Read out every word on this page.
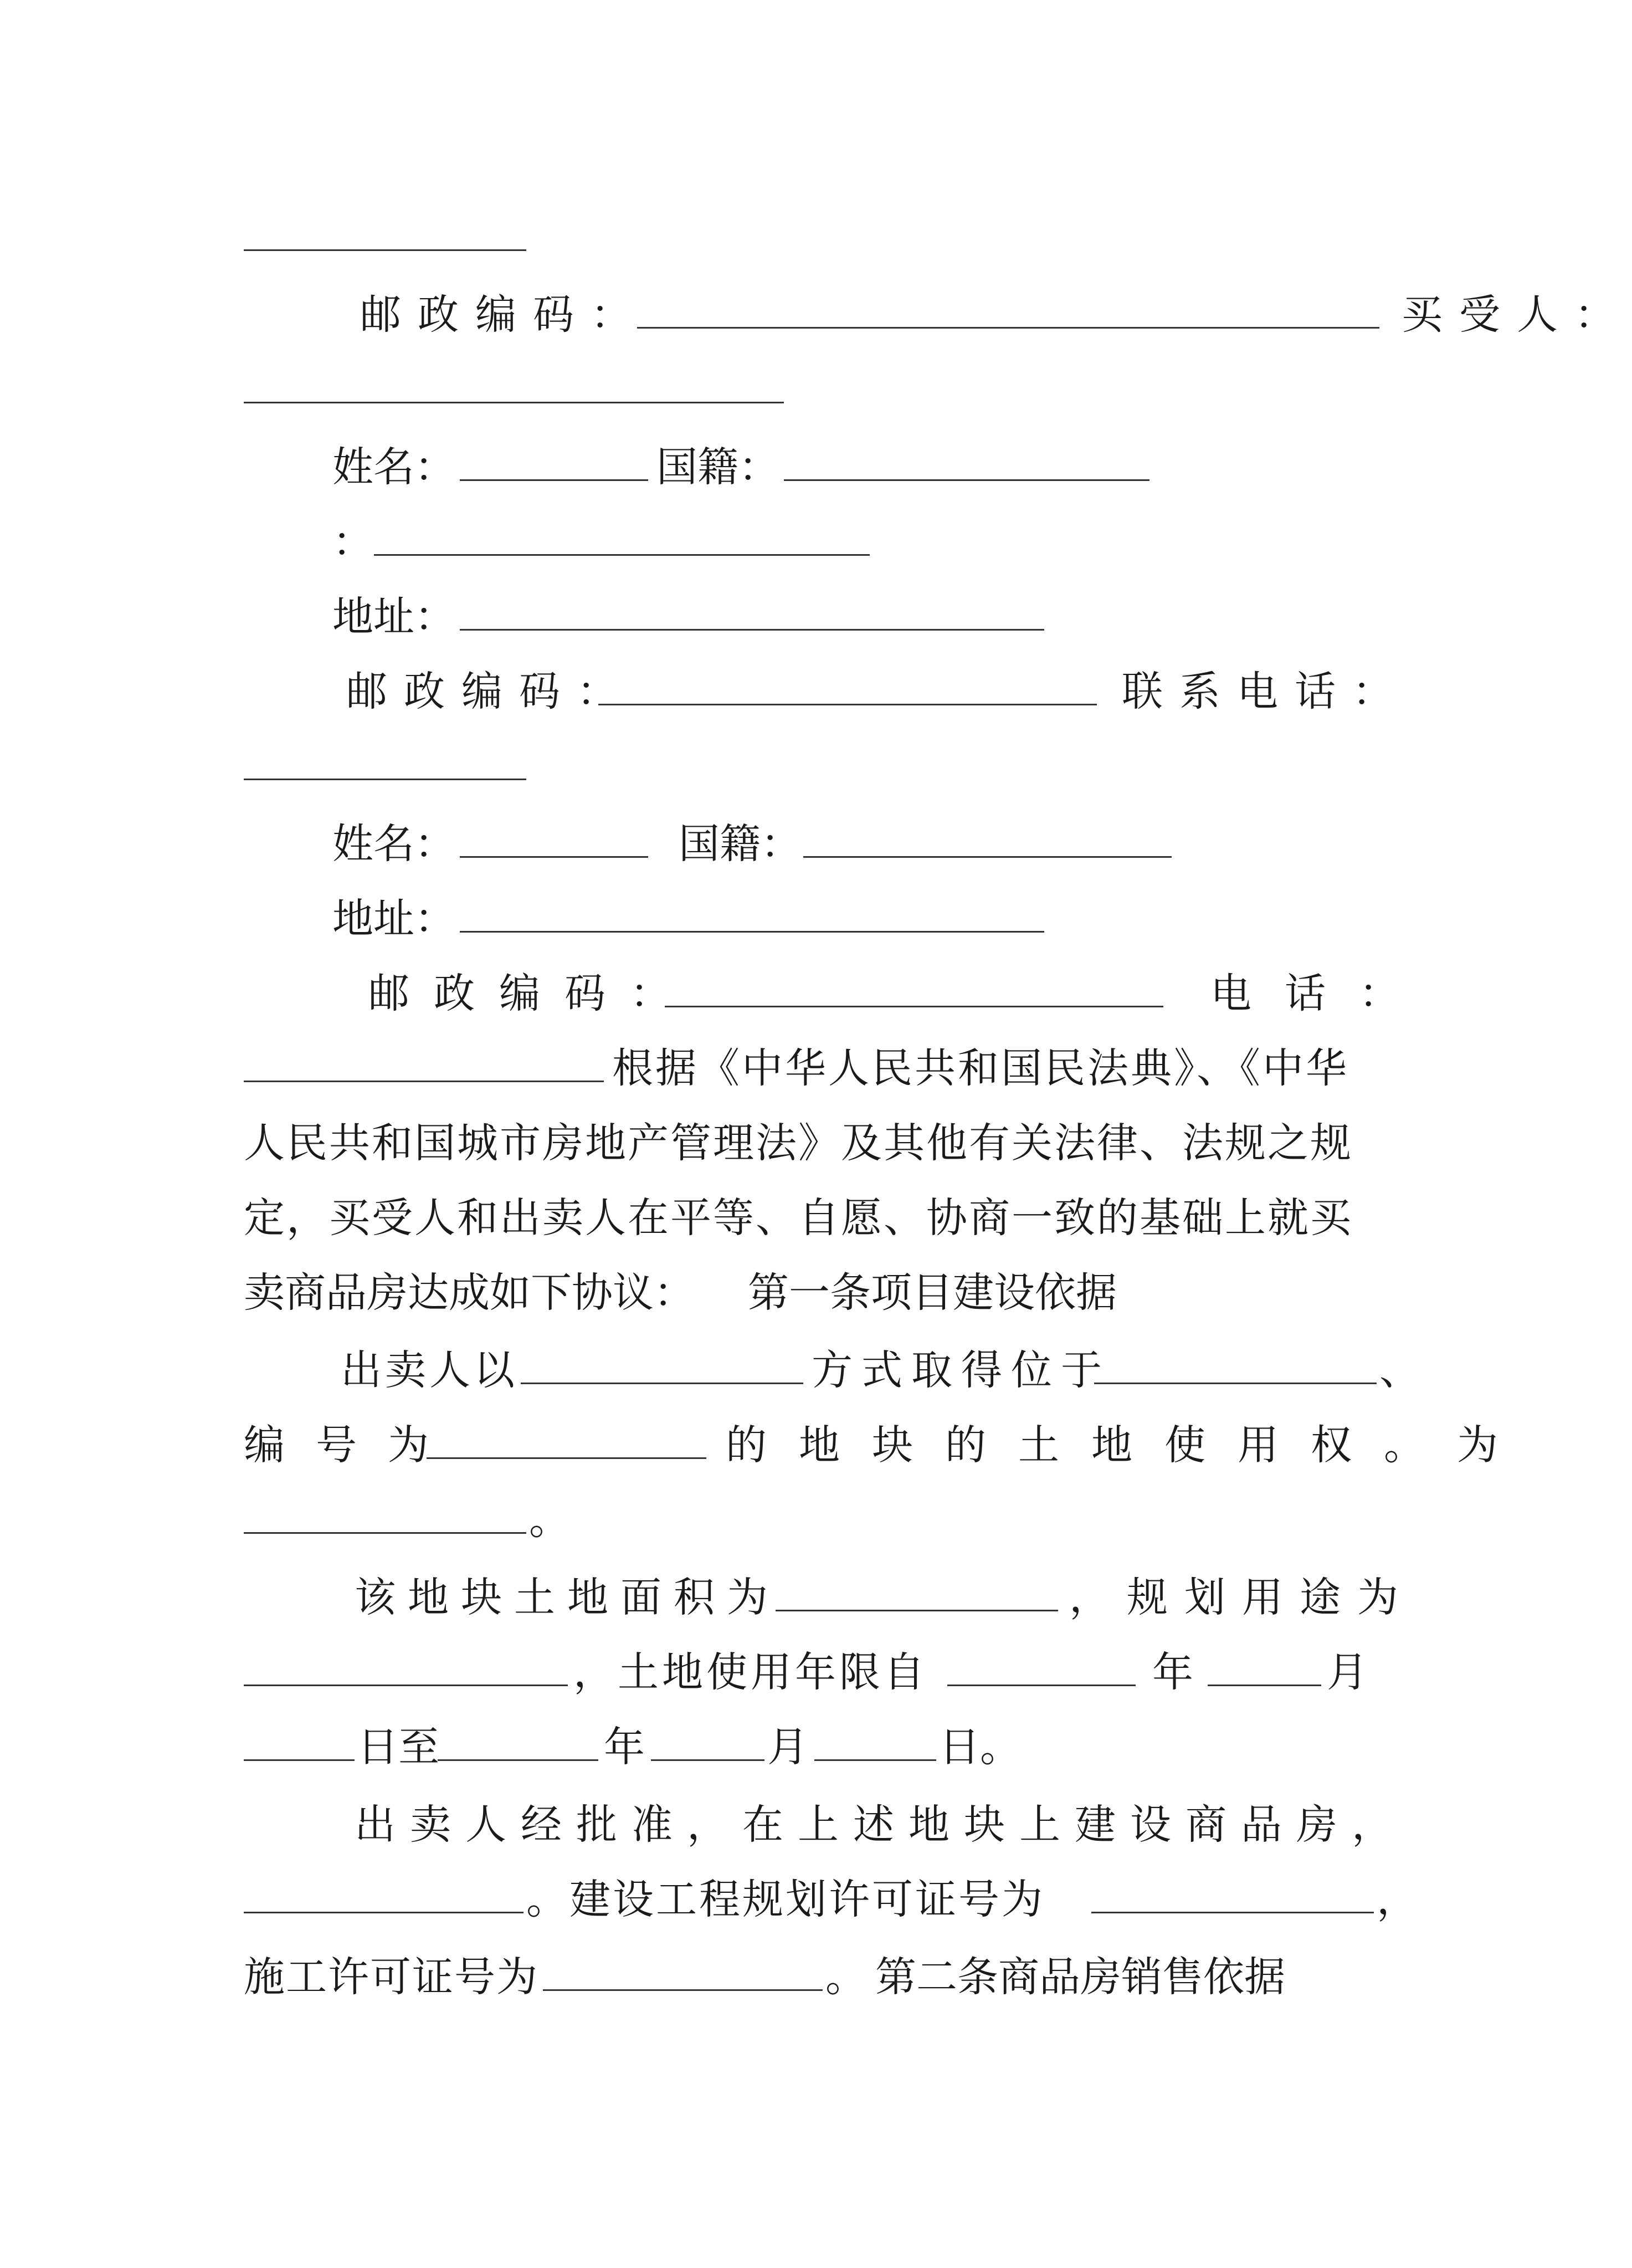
邮政编码：	买受人：
姓名：	国籍：
：
地址：
邮政编码：	联系电话：
姓名：	国籍：
地址：
邮政编码：	电话：
根据《中华人民共和国民法典》、《中华
人民共和国城市房地产管理法》及其他有关法律、法规之规
定，买受人和出卖人在平等、自愿、协商一致的基础上就买
卖商品房达成如下协议： 第一条项目建设依据
出卖人以	方式取得位于	、
编号为	的地块的土地使用权。为
。
该地块土地面积为	，规划用途为
，土地使用年限自	年	月
日至	年	月	日。
出卖人经批准，在上述地块上建设商品房，
。建设工程规划许可证号为	，
施工许可证号为	。 第二条商品房销售依据
